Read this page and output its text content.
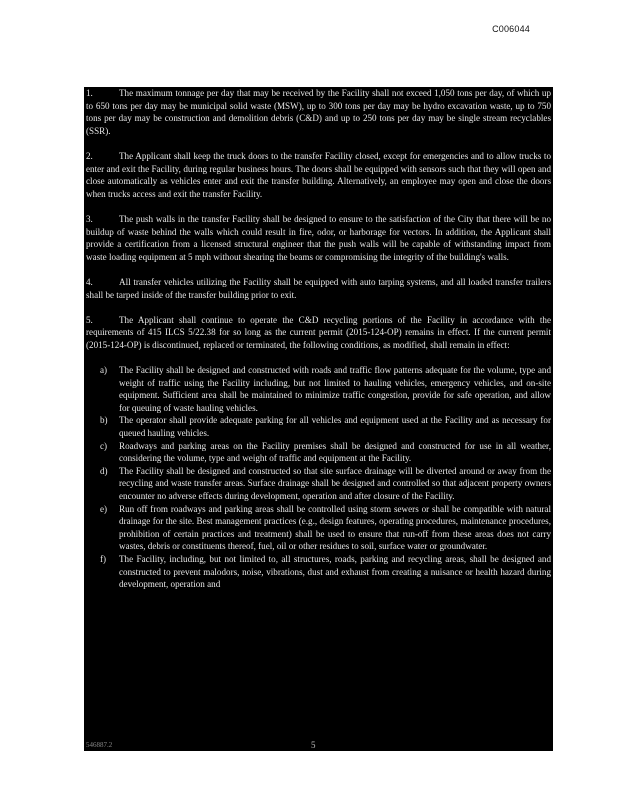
C006044

1.	The maximum tonnage per day that may be received by the Facility shall not exceed 1,050 tons per day, of which up to 650 tons per day may be municipal solid waste (MSW), up to 300 tons per day may be hydro excavation waste, up to 750 tons per day may be construction and demolition debris (C&D) and up to 250 tons per day may be single stream recyclables (SSR).

2.	The Applicant shall keep the truck doors to the transfer Facility closed, except for emergencies and to allow trucks to enter and exit the Facility, during regular business hours. The doors shall be equipped with sensors such that they will open and close automatically as vehicles enter and exit the transfer building. Alternatively, an employee may open and close the doors when trucks access and exit the transfer Facility.

3.	The push walls in the transfer Facility shall be designed to ensure to the satisfaction of the City that there will be no buildup of waste behind the walls which could result in fire, odor, or harborage for vectors. In addition, the Applicant shall provide a certification from a licensed structural engineer that the push walls will be capable of withstanding impact from waste loading equipment at 5 mph without shearing the beams or compromising the integrity of the building's walls.

4.	All transfer vehicles utilizing the Facility shall be equipped with auto tarping systems, and all loaded transfer trailers shall be tarped inside of the transfer building prior to exit.

5.	The Applicant shall continue to operate the C&D recycling portions of the Facility in accordance with the requirements of 415 ILCS 5/22.38 for so long as the current permit (2015-124-OP) remains in effect. If the current permit (2015-124-OP) is discontinued, replaced or terminated, the following conditions, as modified, shall remain in effect:

a) The Facility shall be designed and constructed with roads and traffic flow patterns adequate for the volume, type and weight of traffic using the Facility including, but not limited to hauling vehicles, emergency vehicles, and on-site equipment. Sufficient area shall be maintained to minimize traffic congestion, provide for safe operation, and allow for queuing of waste hauling vehicles.
b) The operator shall provide adequate parking for all vehicles and equipment used at the Facility and as necessary for queued hauling vehicles.
c) Roadways and parking areas on the Facility premises shall be designed and constructed for use in all weather, considering the volume, type and weight of traffic and equipment at the Facility.
d) The Facility shall be designed and constructed so that site surface drainage will be diverted around or away from the recycling and waste transfer areas. Surface drainage shall be designed and controlled so that adjacent property owners encounter no adverse effects during development, operation and after closure of the Facility.
e) Run off from roadways and parking areas shall be controlled using storm sewers or shall be compatible with natural drainage for the site. Best management practices (e.g., design features, operating procedures, maintenance procedures, prohibition of certain practices and treatment) shall be used to ensure that run-off from these areas does not carry wastes, debris or constituents thereof, fuel, oil or other residues to soil, surface water or groundwater.
f) The Facility, including, but not limited to, all structures, roads, parking and recycling areas, shall be designed and constructed to prevent malodors, noise, vibrations, dust and exhaust from creating a nuisance or health hazard during development, operation and
546887.2	5
